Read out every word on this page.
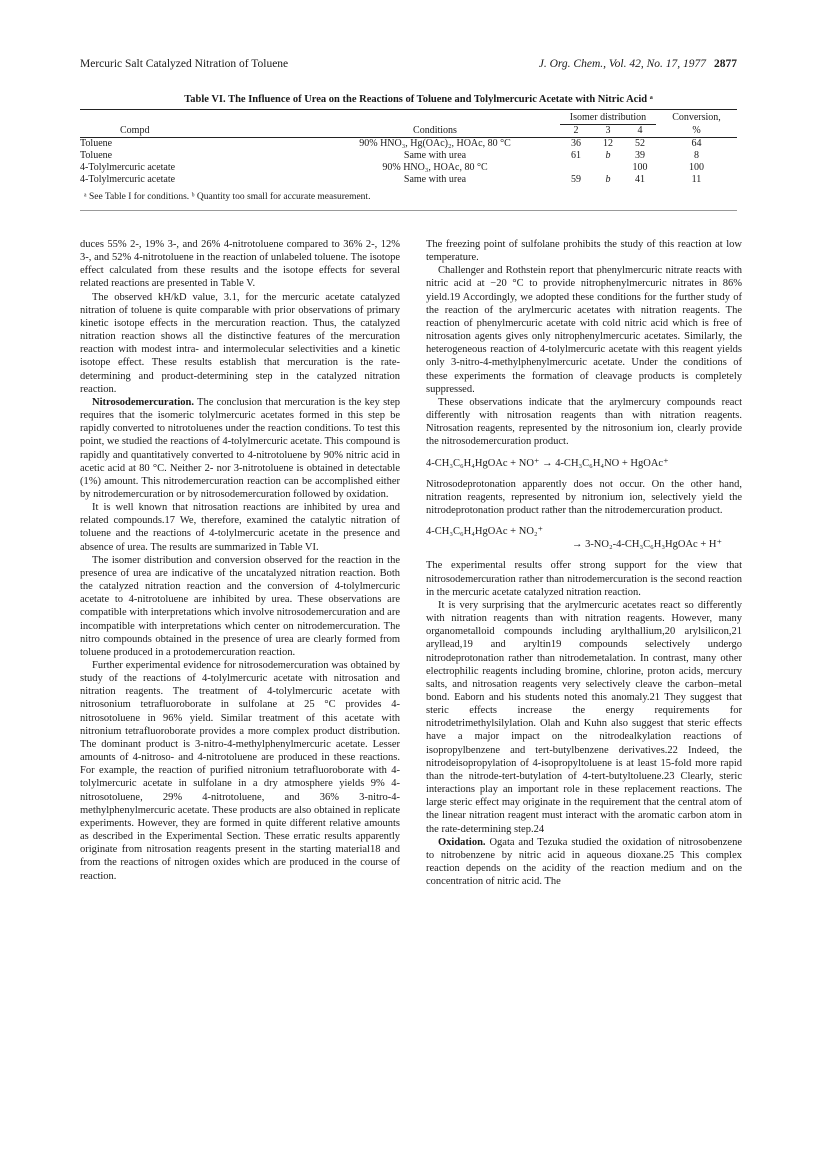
Mercuric Salt Catalyzed Nitration of Toluene	J. Org. Chem., Vol. 42, No. 17, 1977 2877
Table VI. The Influence of Urea on the Reactions of Toluene and Tolylmercuric Acetate with Nitric Acid ᵃ
		Isomer distribution			Conversion,
Compd	Conditions	2	3	4	%
Toluene	90% HNO₃, Hg(OAc)₂, HOAc, 80 °C	36	12	52	64
Toluene	Same with urea	61	b	39	8
4-Tolylmercuric acetate	90% HNO₃, HOAc, 80 °C			100	100
4-Tolylmercuric acetate	Same with urea	59	b	41	11
ᵃ See Table I for conditions. ᵇ Quantity too small for accurate measurement.

duces 55% 2-, 19% 3-, and 26% 4-nitrotoluene compared to 36% 2-, 12% 3-, and 52% 4-nitrotoluene in the reaction of unlabeled toluene. The isotope effect calculated from these results and the isotope effects for several related reactions are presented in Table V.

The observed kH/kD value, 3.1, for the mercuric acetate catalyzed nitration of toluene is quite comparable with prior observations of primary kinetic isotope effects in the mercuration reaction. Thus, the catalyzed nitration reaction shows all the distinctive features of the mercuration reaction with modest intra- and intermolecular selectivities and a kinetic isotope effect. These results establish that mercuration is the rate-determining and product-determining step in the catalyzed nitration reaction.

Nitrosodemercuration. The conclusion that mercuration is the key step requires that the isomeric tolylmercuric acetates formed in this step be rapidly converted to nitrotoluenes under the reaction conditions. To test this point, we studied the reactions of 4-tolylmercuric acetate. This compound is rapidly and quantitatively converted to 4-nitrotoluene by 90% nitric acid in acetic acid at 80 °C. Neither 2- nor 3-nitrotoluene is obtained in detectable (1%) amount. This nitrodemercuration reaction can be accomplished either by nitrodemercuration or by nitrosodemercuration followed by oxidation.

It is well known that nitrosation reactions are inhibited by urea and related compounds.17 We, therefore, examined the catalytic nitration of toluene and the reactions of 4-tolylmercuric acetate in the presence and absence of urea. The results are summarized in Table VI.

The isomer distribution and conversion observed for the reaction in the presence of urea are indicative of the uncatalyzed nitration reaction. Both the catalyzed nitration reaction and the conversion of 4-tolylmercuric acetate to 4-nitrotoluene are inhibited by urea. These observations are compatible with interpretations which involve nitrosodemercuration and are incompatible with interpretations which center on nitrodemercuration. The nitro compounds obtained in the presence of urea are clearly formed from toluene produced in a protodemercuration reaction.

Further experimental evidence for nitrosodemercuration was obtained by study of the reactions of 4-tolylmercuric acetate with nitrosation and nitration reagents. The treatment of 4-tolylmercuric acetate with nitrosonium tetrafluoroborate in sulfolane at 25 °C provides 4-nitrosotoluene in 96% yield. Similar treatment of this acetate with nitronium tetrafluoroborate provides a more complex product distribution. The dominant product is 3-nitro-4-methylphenylmercuric acetate. Lesser amounts of 4-nitroso- and 4-nitrotoluene are produced in these reactions. For example, the reaction of purified nitronium tetrafluoroborate with 4-tolylmercuric acetate in sulfolane in a dry atmosphere yields 9% 4-nitrosotoluene, 29% 4-nitrotoluene, and 36% 3-nitro-4-methylphenylmercuric acetate. These products are also obtained in replicate experiments. However, they are formed in quite different relative amounts as described in the Experimental Section. These erratic results apparently originate from nitrosation reagents present in the starting material18 and from the reactions of nitrogen oxides which are produced in the course of reaction.

The freezing point of sulfolane prohibits the study of this reaction at low temperature.

Challenger and Rothstein report that phenylmercuric nitrate reacts with nitric acid at −20 °C to provide nitrophenylmercuric nitrates in 86% yield.19 Accordingly, we adopted these conditions for the further study of the reaction of the arylmercuric acetates with nitration reagents. The reaction of phenylmercuric acetate with cold nitric acid which is free of nitrosation agents gives only nitrophenylmercuric acetates. Similarly, the heterogeneous reaction of 4-tolylmercuric acetate with this reagent yields only 3-nitro-4-methylphenylmercuric acetate. Under the conditions of these experiments the formation of cleavage products is completely suppressed.

These observations indicate that the arylmercury compounds react differently with nitrosation reagents than with nitration reagents. Nitrosation reagents, represented by the nitrosonium ion, clearly provide the nitrosodemercuration product.

4-CH₃C₆H₄HgOAc + NO⁺ → 4-CH₃C₆H₄NO + HgOAc⁺

Nitrosodeprotonation apparently does not occur. On the other hand, nitration reagents, represented by nitronium ion, selectively yield the nitrodeprotonation product rather than the nitrodemercuration product.

4-CH₃C₆H₄HgOAc + NO₂⁺
→ 3-NO₂-4-CH₃C₆H₃HgOAc + H⁺

The experimental results offer strong support for the view that nitrosodemercuration rather than nitrodemercuration is the second reaction in the mercuric acetate catalyzed nitration reaction.

It is very surprising that the arylmercuric acetates react so differently with nitration reagents than with nitration reagents. However, many organometalloid compounds including arylthallium,20 arylsilicon,21 aryllead,19 and aryltin19 compounds selectively undergo nitrodeprotonation rather than nitrodemetalation. In contrast, many other electrophilic reagents including bromine, chlorine, proton acids, mercury salts, and nitrosation reagents very selectively cleave the carbon–metal bond. Eaborn and his students noted this anomaly.21 They suggest that steric effects increase the energy requirements for nitrodetrimethylsilylation. Olah and Kuhn also suggest that steric effects have a major impact on the nitrodealkylation reactions of isopropylbenzene and tert-butylbenzene derivatives.22 Indeed, the nitrodeisopropylation of 4-isopropyltoluene is at least 15-fold more rapid than the nitrode-tert-butylation of 4-tert-butyltoluene.23 Clearly, steric interactions play an important role in these replacement reactions. The large steric effect may originate in the requirement that the central atom of the linear nitration reagent must interact with the aromatic carbon atom in the rate-determining step.24

Oxidation. Ogata and Tezuka studied the oxidation of nitrosobenzene to nitrobenzene by nitric acid in aqueous dioxane.25 This complex reaction depends on the acidity of the reaction medium and on the concentration of nitric acid. The
